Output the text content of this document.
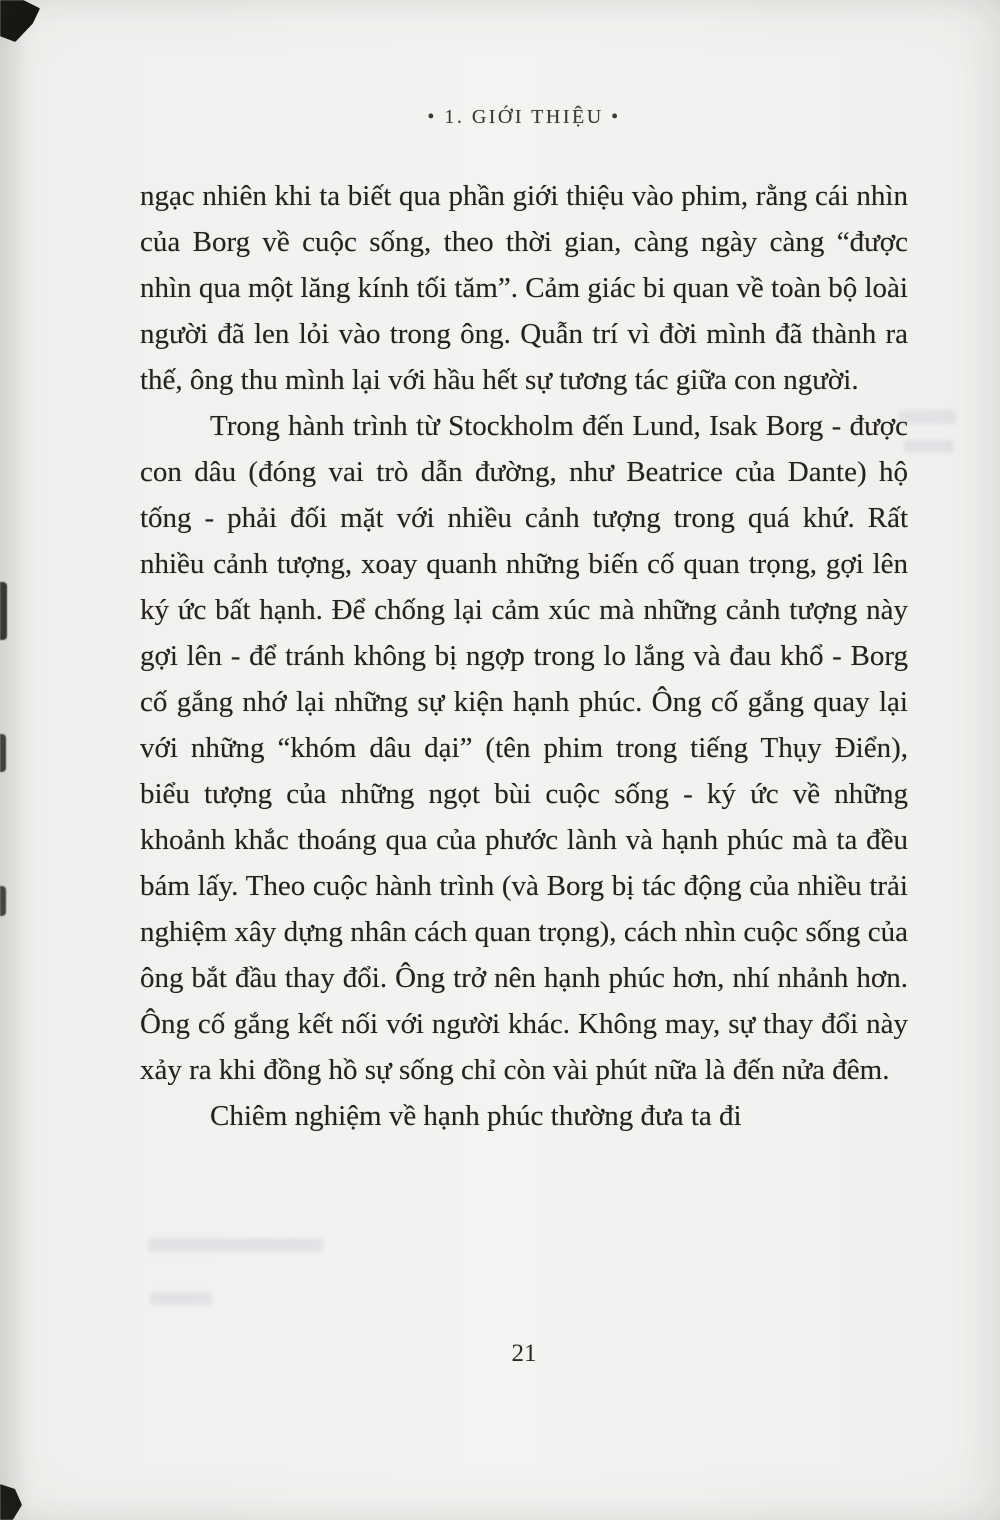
• 1. GIỚI THIỆU •

ngạc nhiên khi ta biết qua phần giới thiệu vào phim, rằng cái nhìn của Borg về cuộc sống, theo thời gian, càng ngày càng “được nhìn qua một lăng kính tối tăm”. Cảm giác bi quan về toàn bộ loài người đã len lỏi vào trong ông. Quẫn trí vì đời mình đã thành ra thế, ông thu mình lại với hầu hết sự tương tác giữa con người.

Trong hành trình từ Stockholm đến Lund, Isak Borg - được con dâu (đóng vai trò dẫn đường, như Beatrice của Dante) hộ tống - phải đối mặt với nhiều cảnh tượng trong quá khứ. Rất nhiều cảnh tượng, xoay quanh những biến cố quan trọng, gợi lên ký ức bất hạnh. Để chống lại cảm xúc mà những cảnh tượng này gợi lên - để tránh không bị ngợp trong lo lắng và đau khổ - Borg cố gắng nhớ lại những sự kiện hạnh phúc. Ông cố gắng quay lại với những “khóm dâu dại” (tên phim trong tiếng Thụy Điển), biểu tượng của những ngọt bùi cuộc sống - ký ức về những khoảnh khắc thoáng qua của phước lành và hạnh phúc mà ta đều bám lấy. Theo cuộc hành trình (và Borg bị tác động của nhiều trải nghiệm xây dựng nhân cách quan trọng), cách nhìn cuộc sống của ông bắt đầu thay đổi. Ông trở nên hạnh phúc hơn, nhí nhảnh hơn. Ông cố gắng kết nối với người khác. Không may, sự thay đổi này xảy ra khi đồng hồ sự sống chỉ còn vài phút nữa là đến nửa đêm.

Chiêm nghiệm về hạnh phúc thường đưa ta đi

21
